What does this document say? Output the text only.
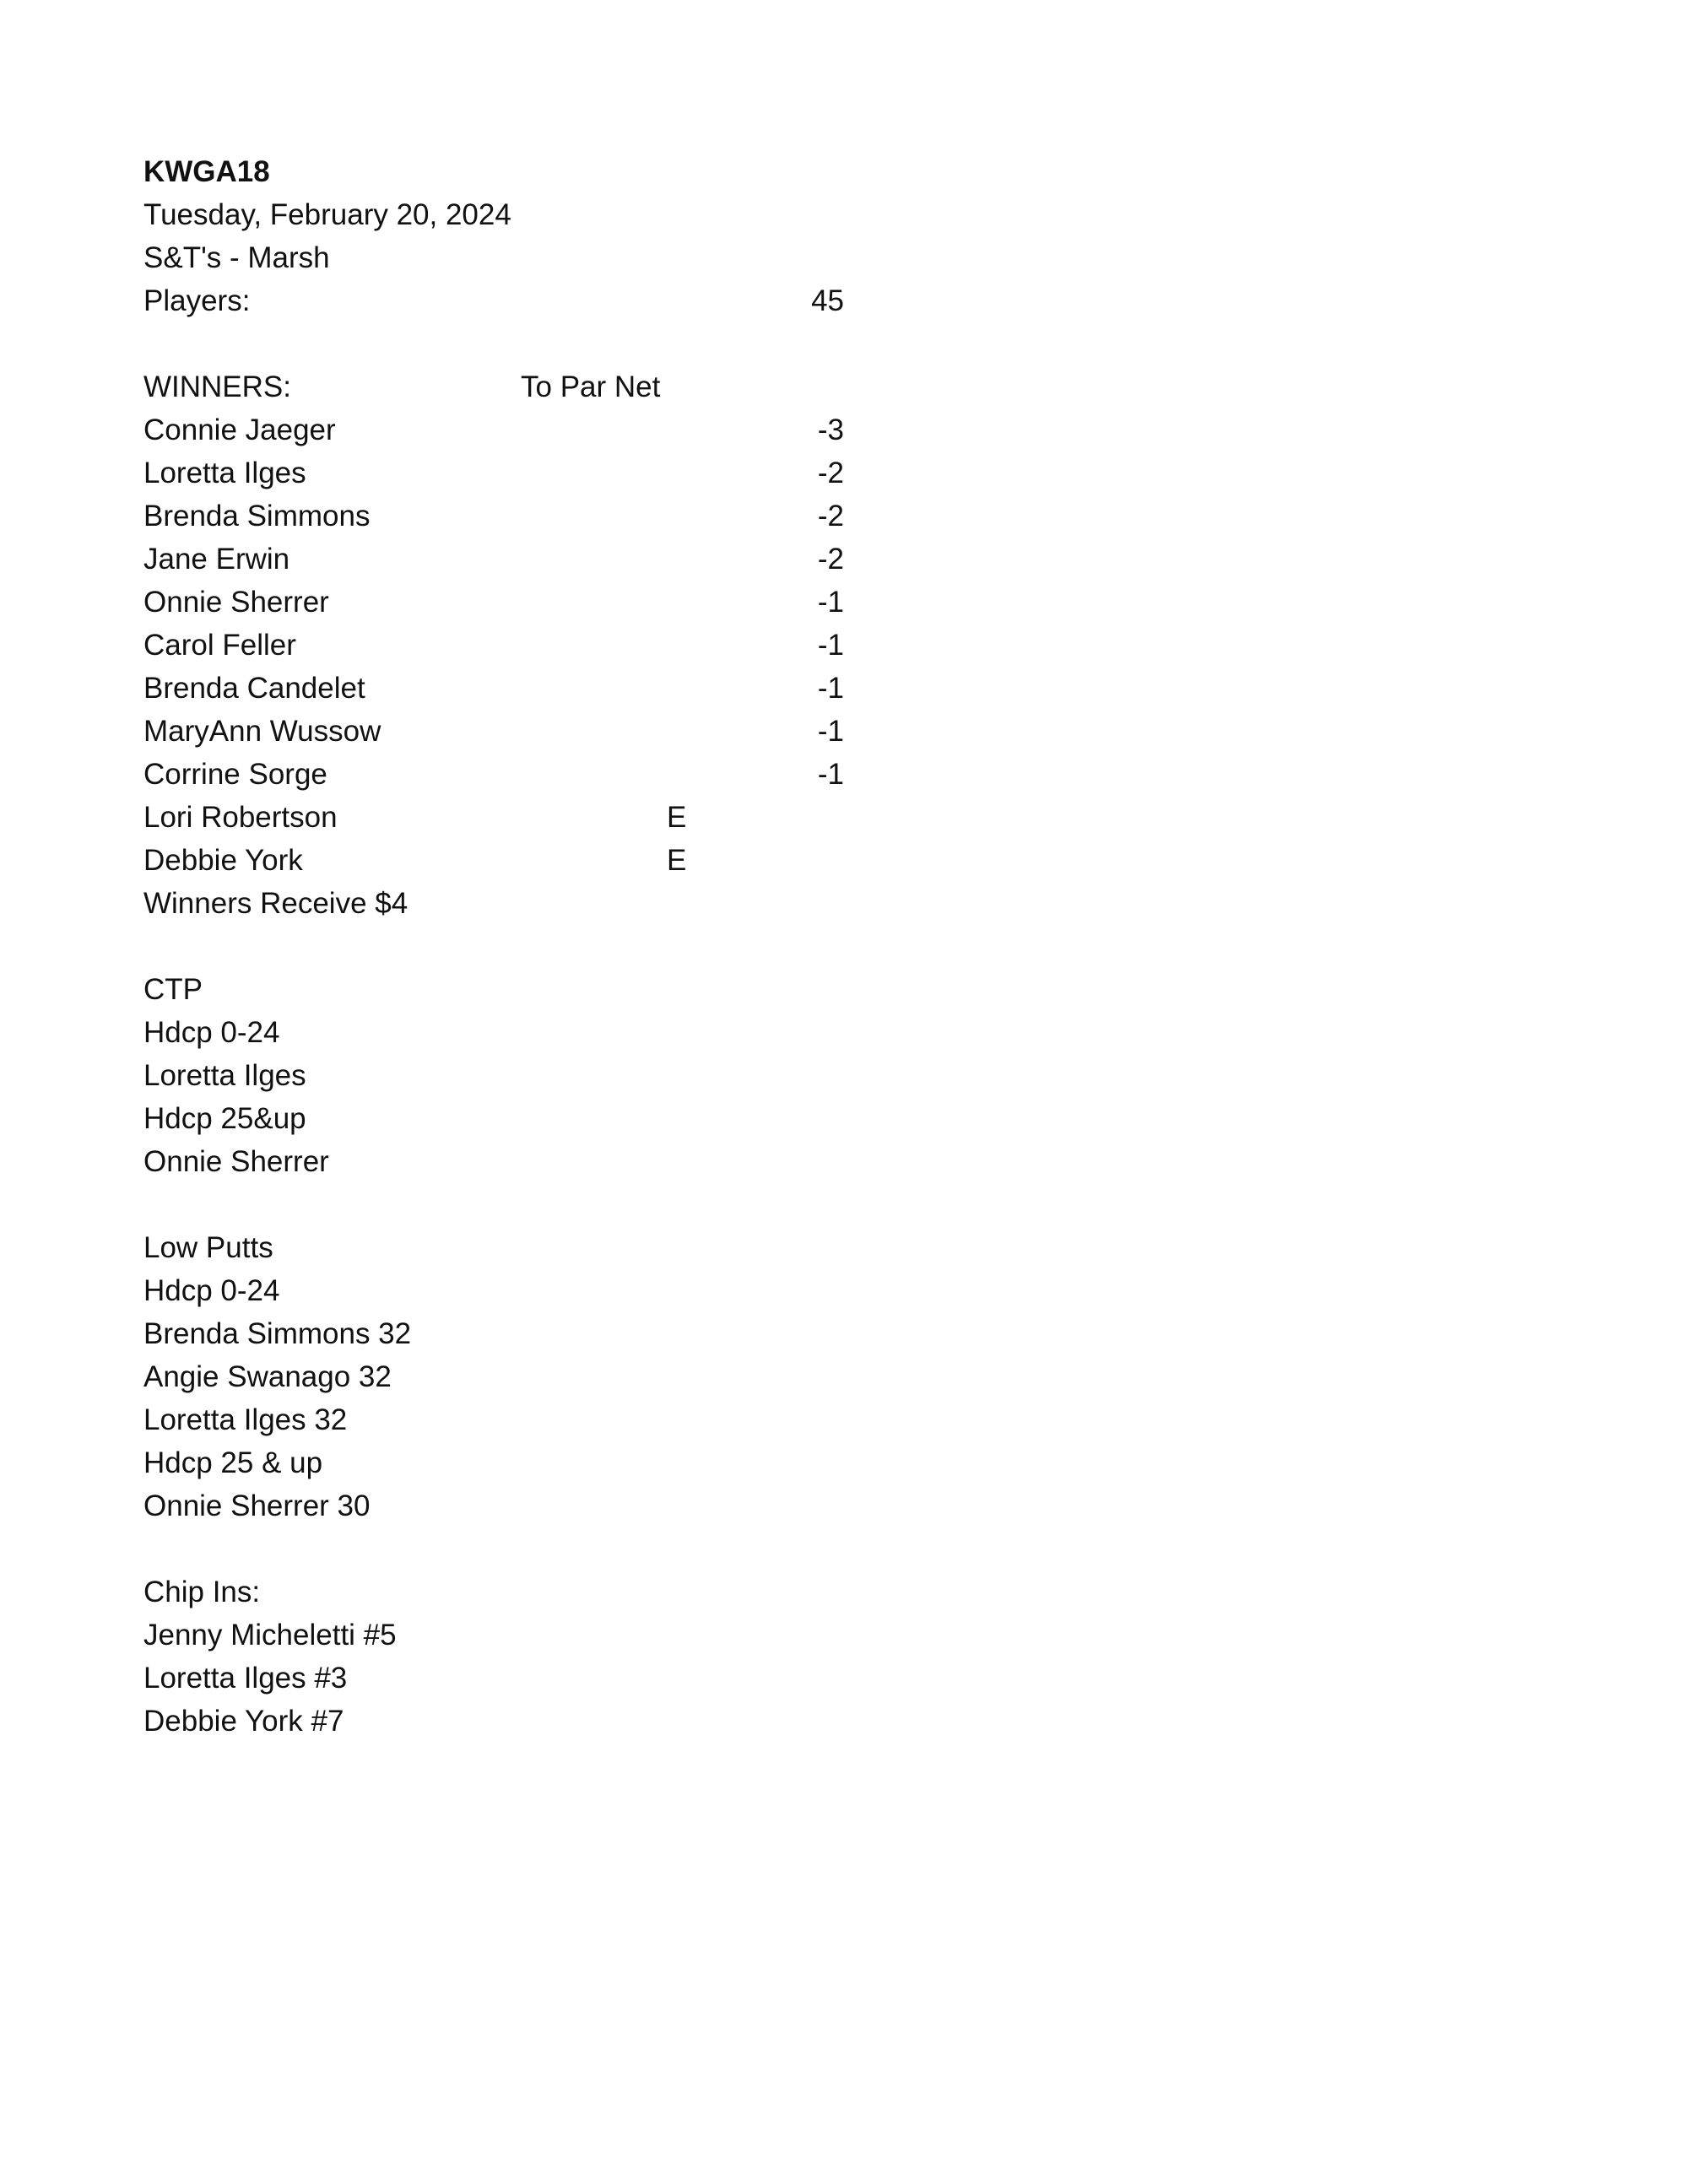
KWGA18
Tuesday, February 20, 2024
S&T's - Marsh
Players:	45
WINNERS:	To Par Net
Connie Jaeger	-3
Loretta Ilges	-2
Brenda Simmons	-2
Jane Erwin	-2
Onnie Sherrer	-1
Carol Feller	-1
Brenda Candelet	-1
MaryAnn Wussow	-1
Corrine Sorge	-1
Lori Robertson	E
Debbie York	E
Winners Receive $4
CTP
Hdcp 0-24
Loretta Ilges
Hdcp 25&up
Onnie Sherrer
Low Putts
Hdcp 0-24
Brenda Simmons 32
Angie Swanago 32
Loretta Ilges 32
Hdcp 25 & up
Onnie Sherrer 30
Chip Ins:
Jenny Micheletti #5
Loretta Ilges #3
Debbie York #7
